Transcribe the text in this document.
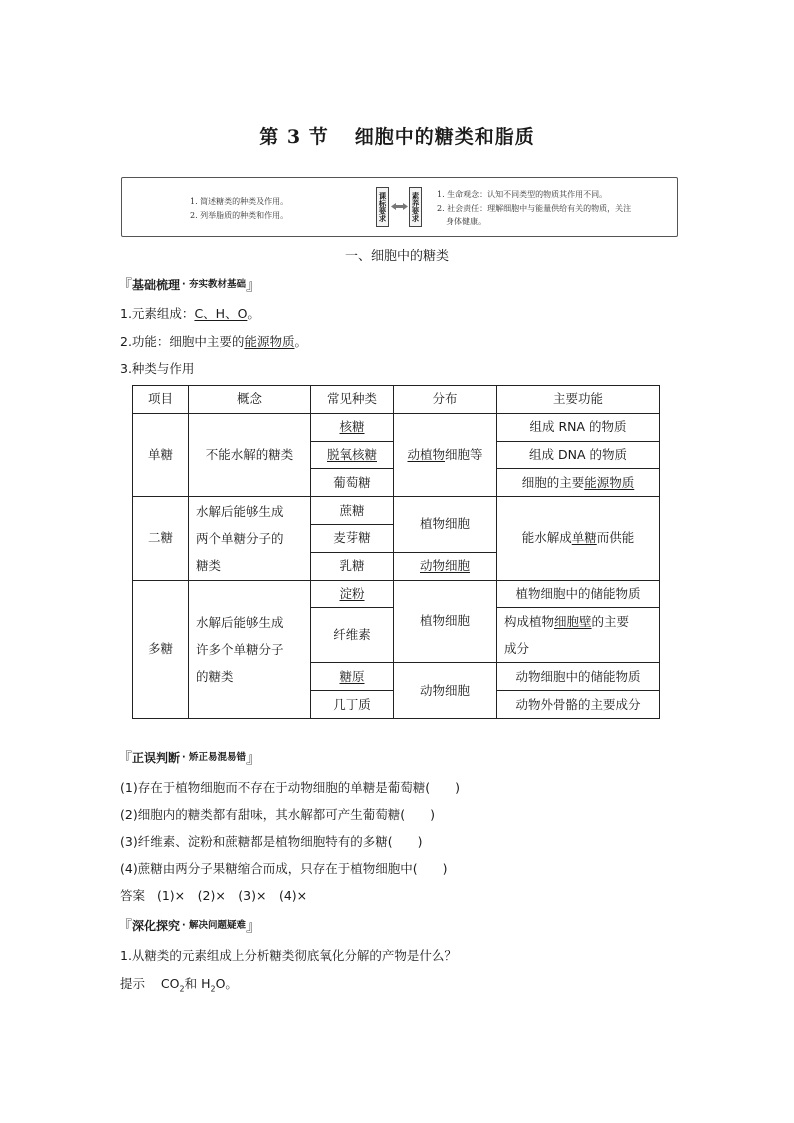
第 3 节 细胞中的糖类和脂质
1. 简述糖类的种类及作用。
2. 列举脂质的种类和作用。	课标要求	素养要求 1. 生命观念：认知不同类型的物质其作用不同。
2. 社会责任：理解细胞中与能量供给有关的物质，关注
身体健康。
一、细胞中的糖类
『 基础梳理 · 夯实教材基础 』
1.元素组成：C、H、O。
2.功能：细胞中主要的能源物质。
3.种类与作用
项目	概念	常见种类	分布	主要功能
单糖	不能水解的糖类	核糖	动植物细胞等	组成 RNA 的物质
		脱氧核糖		组成 DNA 的物质
		葡萄糖		细胞的主要能源物质
二糖	水解后能够生成
两个单糖分子的
糖类	蔗糖	植物细胞	能水解成单糖而供能
		麦芽糖		
		乳糖	动物细胞	
多糖	水解后能够生成
许多个单糖分子
的糖类	淀粉	植物细胞	植物细胞中的储能物质
		纤维素		构成植物细胞壁的主要
成分

		糖原	动物细胞	动物细胞中的储能物质
		几丁质		动物外骨骼的主要成分
『 正误判断 · 矫正易混易错 』
(1)存在于植物细胞而不存在于动物细胞的单糖是葡萄糖(　　)
(2)细胞内的糖类都有甜味，其水解都可产生葡萄糖(　　)
(3)纤维素、淀粉和蔗糖都是植物细胞特有的多糖(　　)
(4)蔗糖由两分子果糖缩合而成，只存在于植物细胞中(　　)
答案 (1)×　(2)×　(3)×　(4)×
『 深化探究 · 解决问题疑难 』
1.从糖类的元素组成上分析糖类彻底氧化分解的产物是什么？
提示 $CO_2$和 $H_2O$。
